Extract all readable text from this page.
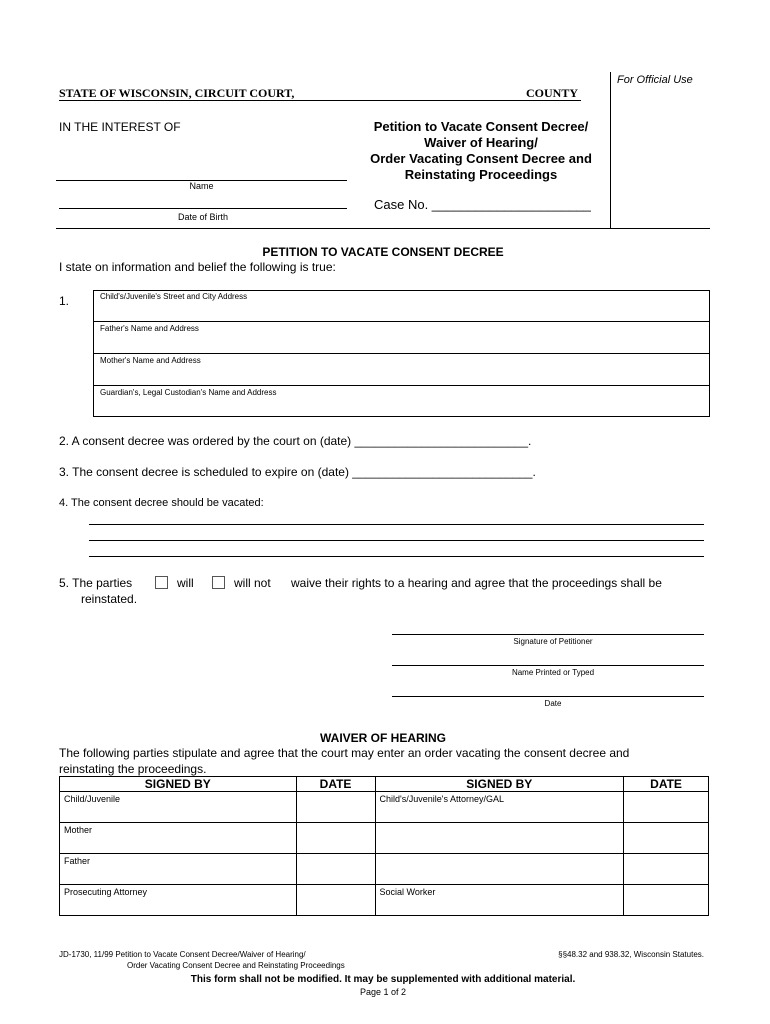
For Official Use
STATE OF WISCONSIN, CIRCUIT COURT,	COUNTY
IN THE INTEREST OF
Name
Date of Birth
Petition to Vacate Consent Decree/
Waiver of Hearing/
Order Vacating Consent Decree and
Reinstating Proceedings
Case No. ______________________
PETITION TO VACATE CONSENT DECREE
I state on information and belief the following is true:
1.	Child's/Juvenile's Street and City Address
Father's Name and Address
Mother's Name and Address
Guardian's, Legal Custodian's Name and Address
2. A consent decree was ordered by the court on (date) __________________________.
3. The consent decree is scheduled to expire on (date) ___________________________.
4. The consent decree should be vacated:
5. The parties	will	will not waive their rights to a hearing and agree that the proceedings shall be
reinstated.
Signature of Petitioner
Name Printed or Typed
Date
WAIVER OF HEARING
The following parties stipulate and agree that the court may enter an order vacating the consent decree and
reinstating the proceedings.
SIGNED BY	DATE	SIGNED BY	DATE
Child/Juvenile		Child's/Juvenile's Attorney/GAL	
Mother			
Father			
Prosecuting Attorney		Social Worker	
JD-1730, 11/99 Petition to Vacate Consent Decree/Waiver of Hearing/
Order Vacating Consent Decree and Reinstating Proceedings
§§48.32 and 938.32, Wisconsin Statutes.
This form shall not be modified. It may be supplemented with additional material.
Page 1 of 2
